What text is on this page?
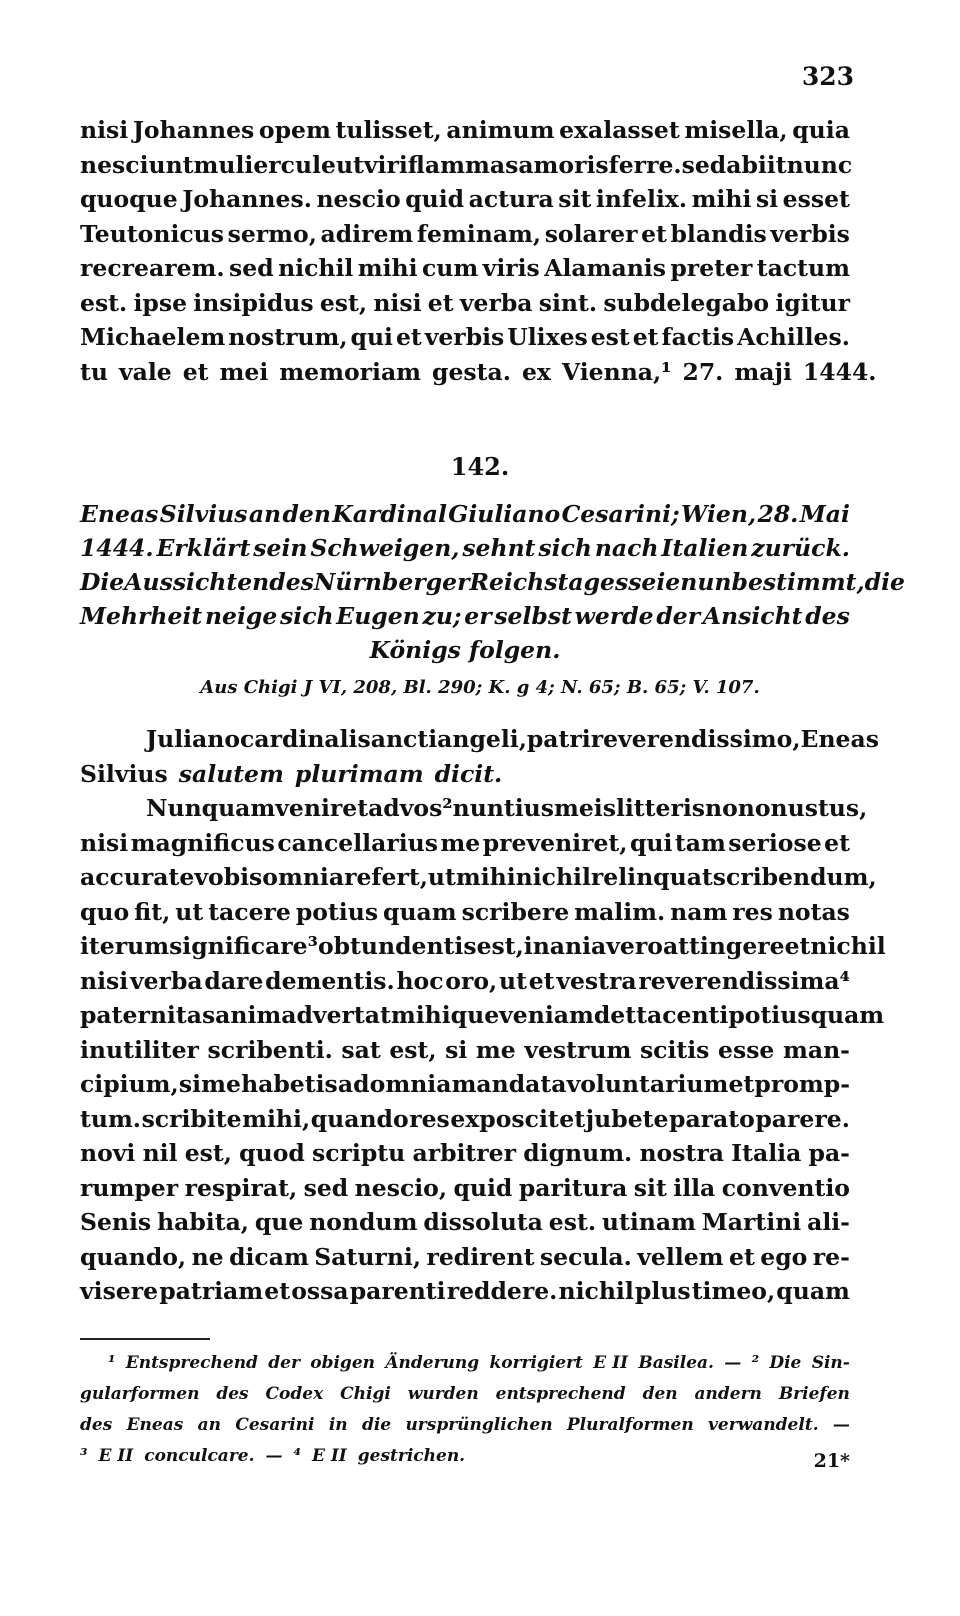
323
nisi Johannes opem tulisset, animum exalasset misella, quia
nesciunt muliercule ut viri flammas amoris ferre. sed abiit nunc
quoque Johannes. nescio quid actura sit infelix. mihi si esset
Teutonicus sermo, adirem feminam, solarer et blandis verbis
recrearem. sed nichil mihi cum viris Alamanis preter tactum
est. ipse insipidus est, nisi et verba sint. subdelegabo igitur
Michaelem nostrum, qui et verbis Ulixes est et factis Achilles.
tu vale et mei memoriam gesta. ex Vienna,¹ 27. maji 1444.
142.
Eneas Silvius an den Kardinal Giuliano Cesarini; Wien, 28. Mai
1444. Erklärt sein Schweigen, sehnt sich nach Italien zurück.
Die Aussichten des Nürnberger Reichstages seien unbestimmt, die
Mehrheit neige sich Eugen zu; er selbst werde der Ansicht des
Königs folgen.
Aus Chigi J VI, 208, Bl. 290; K. g 4; N. 65; B. 65; V. 107.
Juliano cardinali sancti angeli, patri reverendissimo, Eneas
Silvius salutem plurimam dicit.
Nunquam veniret ad vos² nuntius meis litteris non onustus,
nisi magnificus cancellarius me preveniret, qui tam seriose et
accurate vobis omnia refert, ut mihi nichil relinquat scribendum,
quo fit, ut tacere potius quam scribere malim. nam res notas
iterum significare³ obtundentis est, inania vero attingere et nichil
nisi verba dare dementis. hoc oro, ut et vestra reverendissima⁴
paternitas animadvertat mihique veniam det tacenti potius quam
inutiliter scribenti. sat est, si me vestrum scitis esse man-
cipium, si me habetis ad omnia mandata voluntarium et promp-
tum. scribite mihi, quando res exposcit et jubete parato parere.
novi nil est, quod scriptu arbitrer dignum. nostra Italia pa-
rumper respirat, sed nescio, quid paritura sit illa conventio
Senis habita, que nondum dissoluta est. utinam Martini ali-
quando, ne dicam Saturni, redirent secula. vellem et ego re-
visere patriam et ossa parenti reddere. nichil plus timeo, quam
¹ Entsprechend der obigen Änderung korrigiert E II Basilea. — ² Die Sin-
gularformen des Codex Chigi wurden entsprechend den andern Briefen
des Eneas an Cesarini in die ursprünglichen Pluralformen verwandelt. —
³ E II conculcare. — ⁴ E II gestrichen.	21*
